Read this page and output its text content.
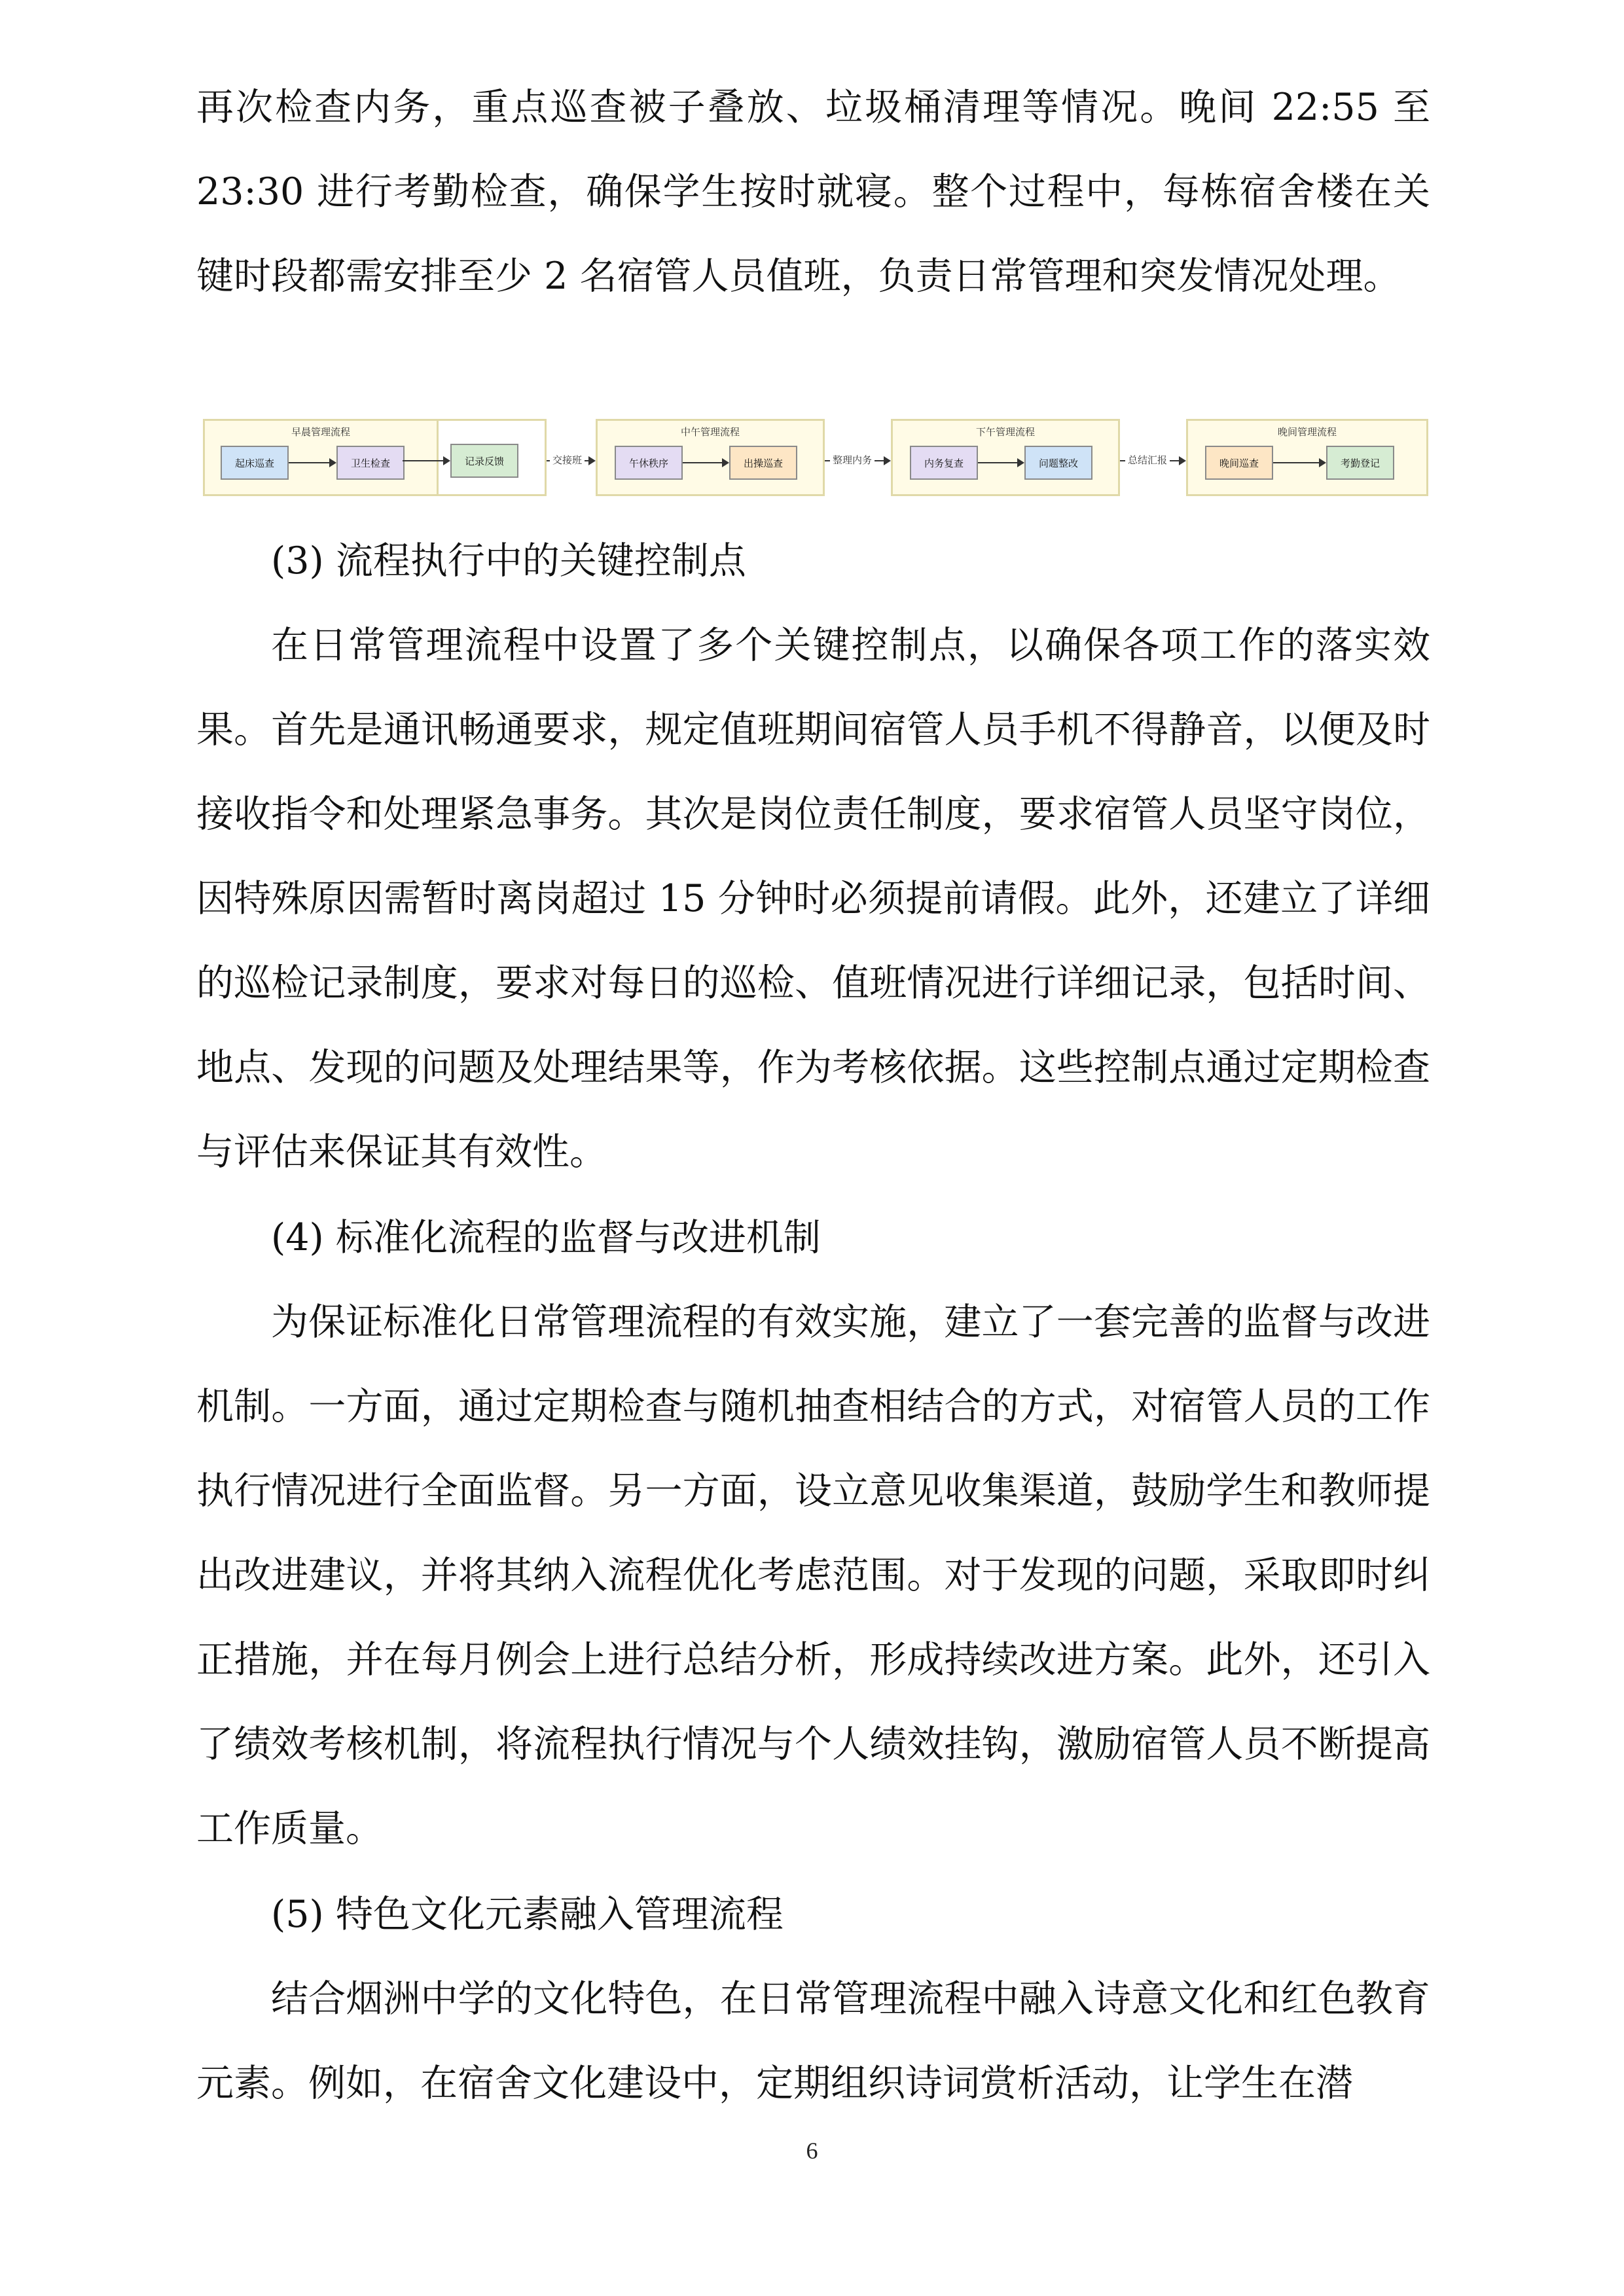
再次检查内务，重点巡查被子叠放、垃圾桶清理等情况。晚间 22:55 至 23:30 进行考勤检查，确保学生按时就寝。整个过程中，每栋宿舍楼在关键时段都需安排至少 2 名宿管人员值班，负责日常管理和突发情况处理。
早晨管理流程
起床巡查	卫生检查	记录反馈	交接班
中午管理流程
午休秩序	出操巡查	整理内务
下午管理流程
内务复查	问题整改	总结汇报
晚间管理流程
晚间巡查	考勤登记
(3) 流程执行中的关键控制点
在日常管理流程中设置了多个关键控制点，以确保各项工作的落实效果。首先是通讯畅通要求，规定值班期间宿管人员手机不得静音，以便及时接收指令和处理紧急事务。其次是岗位责任制度，要求宿管人员坚守岗位，因特殊原因需暂时离岗超过 15 分钟时必须提前请假。此外，还建立了详细的巡检记录制度，要求对每日的巡检、值班情况进行详细记录，包括时间、地点、发现的问题及处理结果等，作为考核依据。这些控制点通过定期检查与评估来保证其有效性。
(4) 标准化流程的监督与改进机制
为保证标准化日常管理流程的有效实施，建立了一套完善的监督与改进机制。一方面，通过定期检查与随机抽查相结合的方式，对宿管人员的工作执行情况进行全面监督。另一方面，设立意见收集渠道，鼓励学生和教师提出改进建议，并将其纳入流程优化考虑范围。对于发现的问题，采取即时纠正措施，并在每月例会上进行总结分析，形成持续改进方案。此外，还引入了绩效考核机制，将流程执行情况与个人绩效挂钩，激励宿管人员不断提高工作质量。
(5) 特色文化元素融入管理流程
结合烟洲中学的文化特色，在日常管理流程中融入诗意文化和红色教育元素。例如，在宿舍文化建设中，定期组织诗词赏析活动，让学生在潜
6
